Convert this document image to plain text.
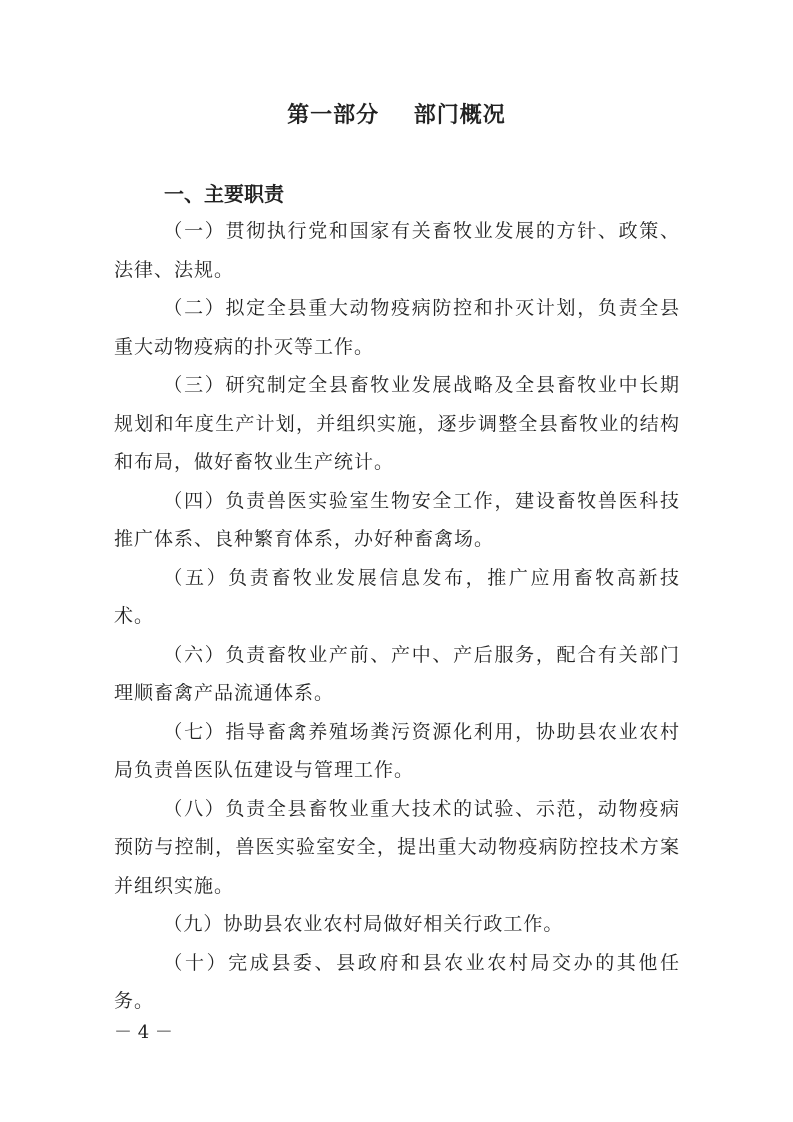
第一部分    部门概况
一、主要职责
（一）贯彻执行党和国家有关畜牧业发展的方针、政策、法律、法规。
（二）拟定全县重大动物疫病防控和扑灭计划，负责全县重大动物疫病的扑灭等工作。
（三）研究制定全县畜牧业发展战略及全县畜牧业中长期规划和年度生产计划，并组织实施，逐步调整全县畜牧业的结构和布局，做好畜牧业生产统计。
（四）负责兽医实验室生物安全工作，建设畜牧兽医科技推广体系、良种繁育体系，办好种畜禽场。
（五）负责畜牧业发展信息发布，推广应用畜牧高新技术。
（六）负责畜牧业产前、产中、产后服务，配合有关部门理顺畜禽产品流通体系。
（七）指导畜禽养殖场粪污资源化利用，协助县农业农村局负责兽医队伍建设与管理工作。
（八）负责全县畜牧业重大技术的试验、示范，动物疫病预防与控制，兽医实验室安全，提出重大动物疫病防控技术方案并组织实施。
（九）协助县农业农村局做好相关行政工作。
（十）完成县委、县政府和县农业农村局交办的其他任务。

－ 4 －
